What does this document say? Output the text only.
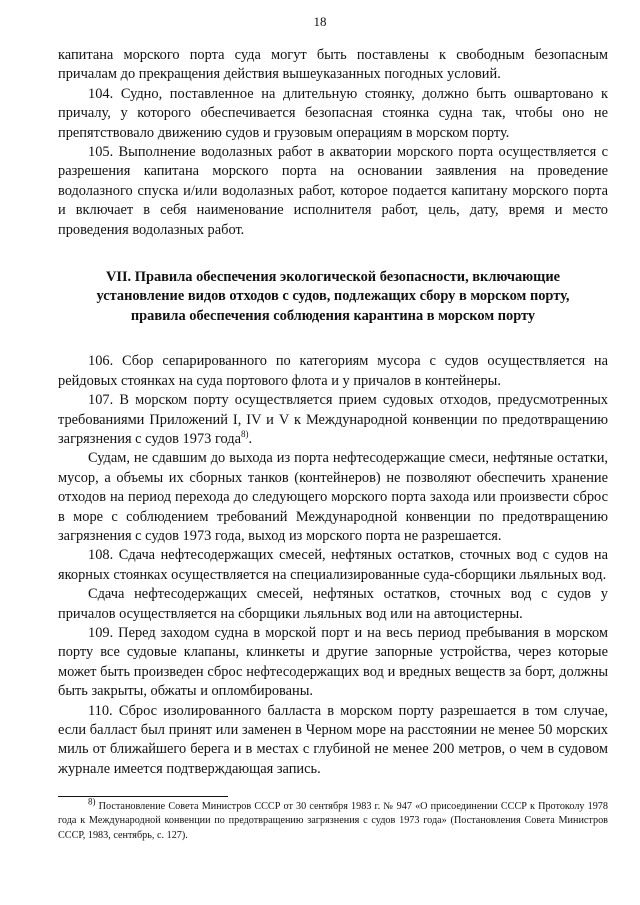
18

капитана морского порта суда могут быть поставлены к свободным безопасным причалам до прекращения действия вышеуказанных погодных условий.

104. Судно, поставленное на длительную стоянку, должно быть ошвартовано к причалу, у которого обеспечивается безопасная стоянка судна так, чтобы оно не препятствовало движению судов и грузовым операциям в морском порту.

105. Выполнение водолазных работ в акватории морского порта осуществляется с разрешения капитана морского порта на основании заявления на проведение водолазного спуска и/или водолазных работ, которое подается капитану морского порта и включает в себя наименование исполнителя работ, цель, дату, время и место проведения водолазных работ.

VII. Правила обеспечения экологической безопасности, включающие
установление видов отходов с судов, подлежащих сбору в морском порту,
правила обеспечения соблюдения карантина в морском порту

106. Сбор сепарированного по категориям мусора с судов осуществляется на рейдовых стоянках на суда портового флота и у причалов в контейнеры.

107. В морском порту осуществляется прием судовых отходов, предусмотренных требованиями Приложений I, IV и V к Международной конвенции по предотвращению загрязнения с судов 1973 года$^{8)}$.

Судам, не сдавшим до выхода из порта нефтесодержащие смеси, нефтяные остатки, мусор, а объемы их сборных танков (контейнеров) не позволяют обеспечить хранение отходов на период перехода до следующего морского порта захода или произвести сброс в море с соблюдением требований Международной конвенции по предотвращению загрязнения с судов 1973 года, выход из морского порта не разрешается.

108. Сдача нефтесодержащих смесей, нефтяных остатков, сточных вод с судов на якорных стоянках осуществляется на специализированные суда-сборщики льяльных вод.

Сдача нефтесодержащих смесей, нефтяных остатков, сточных вод с судов у причалов осуществляется на сборщики льяльных вод или на автоцистерны.

109. Перед заходом судна в морской порт и на весь период пребывания в морском порту все судовые клапаны, клинкеты и другие запорные устройства, через которые может быть произведен сброс нефтесодержащих вод и вредных веществ за борт, должны быть закрыты, обжаты и опломбированы.

110. Сброс изолированного балласта в морском порту разрешается в том случае, если балласт был принят или заменен в Черном море на расстоянии не менее 50 морских миль от ближайшего берега и в местах с глубиной не менее 200 метров, о чем в судовом журнале имеется подтверждающая запись.

$^{8)}$ Постановление Совета Министров СССР от 30 сентября 1983 г. № 947 «О присоединении СССР к Протоколу 1978 года к Международной конвенции по предотвращению загрязнения с судов 1973 года» (Постановления Совета Министров СССР, 1983, сентябрь, с. 127).
